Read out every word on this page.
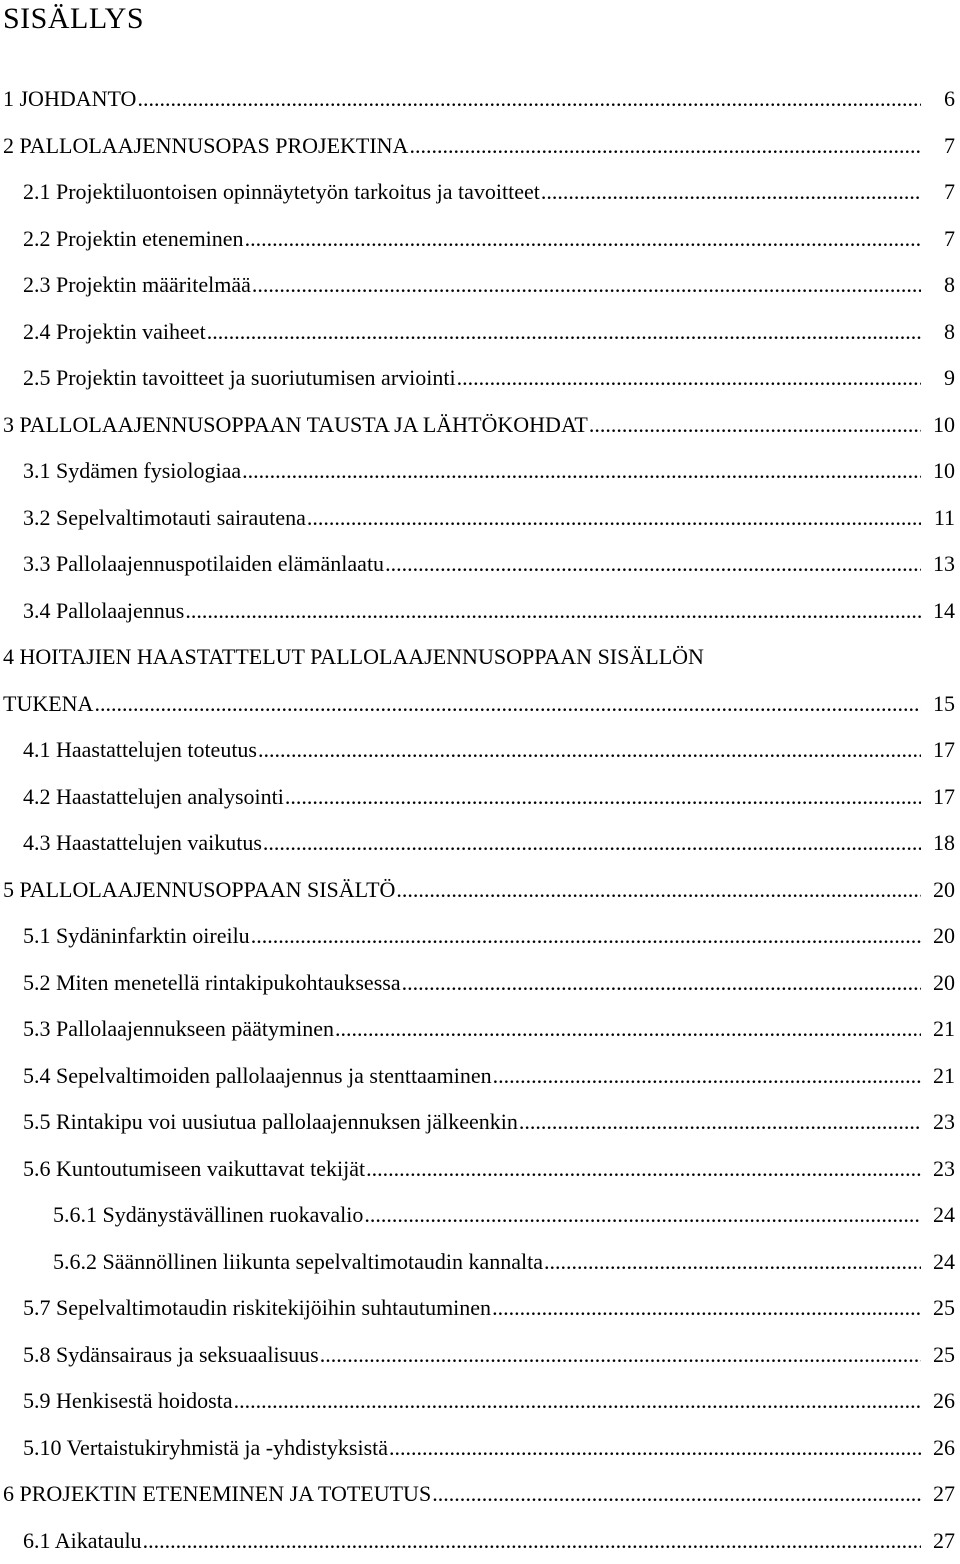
SISÄLLYS
1 JOHDANTO .....	6
2 PALLOLAAJENNUSOPAS PROJEKTINA .....	7
2.1 Projektiluontoisen opinnäytetyön tarkoitus ja tavoitteet .....	7
2.2 Projektin eteneminen .....	7
2.3 Projektin määritelmää .....	8
2.4 Projektin vaiheet .....	8
2.5 Projektin tavoitteet ja suoriutumisen arviointi .....	9
3 PALLOLAAJENNUSOPPAAN TAUSTA JA LÄHTÖKOHDAT .....	10
3.1 Sydämen fysiologiaa .....	10
3.2 Sepelvaltimotauti sairautena .....	11
3.3 Pallolaajennuspotilaiden elämänlaatu .....	13
3.4 Pallolaajennus .....	14
4 HOITAJIEN HAASTATTELUT PALLOLAAJENNUSOPPAAN SISÄLLÖN
TUKENA .....	15
4.1 Haastattelujen toteutus .....	17
4.2 Haastattelujen analysointi .....	17
4.3 Haastattelujen vaikutus .....	18
5 PALLOLAAJENNUSOPPAAN SISÄLTÖ .....	20
5.1 Sydäninfarktin oireilu .....	20
5.2 Miten menetellä rintakipukohtauksessa .....	20
5.3 Pallolaajennukseen päätyminen .....	21
5.4 Sepelvaltimoiden pallolaajennus ja stenttaaminen .....	21
5.5 Rintakipu voi uusiutua pallolaajennuksen jälkeenkin .....	23
5.6 Kuntoutumiseen vaikuttavat tekijät .....	23
5.6.1 Sydänystävällinen ruokavalio .....	24
5.6.2 Säännöllinen liikunta sepelvaltimotaudin kannalta .....	24
5.7 Sepelvaltimotaudin riskitekijöihin suhtautuminen .....	25
5.8 Sydänsairaus ja seksuaalisuus .....	25
5.9 Henkisestä hoidosta .....	26
5.10 Vertaistukiryhmistä ja -yhdistyksistä .....	26
6 PROJEKTIN ETENEMINEN JA TOTEUTUS .....	27
6.1 Aikataulu .....	27
